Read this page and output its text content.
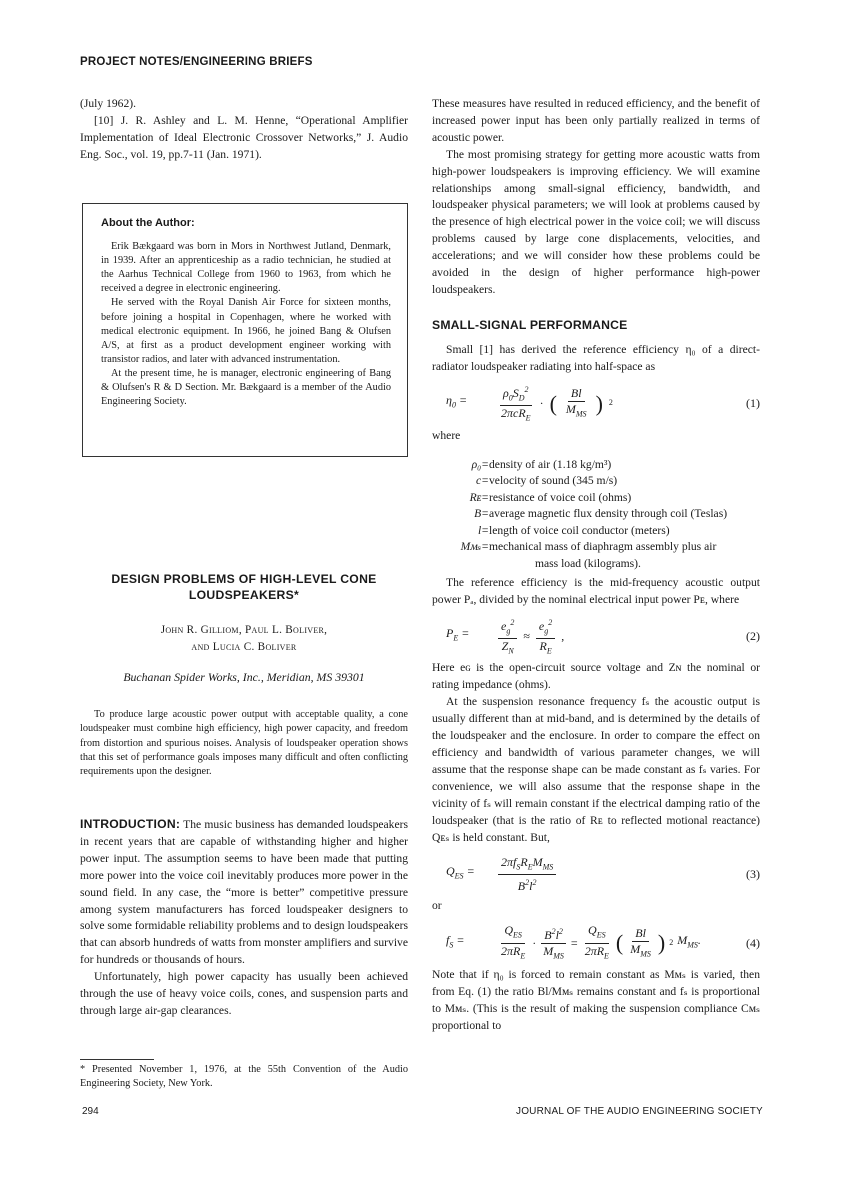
PROJECT NOTES/ENGINEERING BRIEFS

(July 1962).

[10] J. R. Ashley and L. M. Henne, “Operational Amplifier Implementation of Ideal Electronic Crossover Networks,” J. Audio Eng. Soc., vol. 19, pp.7-11 (Jan. 1971).

About the Author:

Erik Bækgaard was born in Mors in Northwest Jutland, Denmark, in 1939. After an apprenticeship as a radio technician, he studied at the Aarhus Technical College from 1960 to 1963, from which he received a degree in electronic engineering.

He served with the Royal Danish Air Force for sixteen months, before joining a hospital in Copenhagen, where he worked with medical electronic equipment. In 1966, he joined Bang & Olufsen A/S, at first as a product development engineer working with transistor radios, and later with advanced instrumentation.

At the present time, he is manager, electronic engineering of Bang & Olufsen's R & D Section. Mr. Bækgaard is a member of the Audio Engineering Society.

DESIGN PROBLEMS OF HIGH-LEVEL CONE LOUDSPEAKERS*
John R. Gilliom, Paul L. Boliver,
and Lucia C. Boliver
Buchanan Spider Works, Inc., Meridian, MS 39301

To produce large acoustic power output with acceptable quality, a cone loudspeaker must combine high efficiency, high power capacity, and freedom from distortion and spurious noises. Analysis of loudspeaker operation shows that this set of performance goals imposes many difficult and often conflicting requirements upon the designer.

INTRODUCTION: The music business has demanded loudspeakers in recent years that are capable of withstanding higher and higher power input. The assumption seems to have been made that putting more power into the voice coil inevitably produces more power in the sound field. In any case, the “more is better” competitive pressure among system manufacturers has forced loudspeaker designers to solve some formidable reliability problems and to design loudspeakers that can absorb hundreds of watts from monster amplifiers and survive for hundreds or thousands of hours.

Unfortunately, high power capacity has usually been achieved through the use of heavy voice coils, cones, and suspension parts and through large air-gap clearances.

* Presented November 1, 1976, at the 55th Convention of the Audio Engineering Society, New York.

These measures have resulted in reduced efficiency, and the benefit of increased power input has been only partially realized in terms of acoustic power.

The most promising strategy for getting more acoustic watts from high-power loudspeakers is improving efficiency. We will examine relationships among small-signal efficiency, bandwidth, and loudspeaker physical parameters; we will look at problems caused by the presence of high electrical power in the voice coil; we will discuss problems caused by large cone displacements, velocities, and accelerations; and we will consider how these problems could be avoided in the design of higher performance high-power loudspeakers.

SMALL-SIGNAL PERFORMANCE

Small [1] has derived the reference efficiency η₀ of a direct-radiator loudspeaker radiating into half-space as

$\eta_0$ =	$\frac{\rho_0S_D^2}{2\pi cR_E}$ · ( $\frac{Bl}{M_{MS}}$ ) 2	(1)

where

ρ₀= density of air (1.18 kg/m³)
c= velocity of sound (345 m/s)
Rᴇ= resistance of voice coil (ohms)
B= average magnetic flux density through coil (Teslas)
l= length of voice coil conductor (meters)
Mᴍₛ= mechanical mass of diaphragm assembly plus air
mass load (kilograms).

The reference efficiency is the mid-frequency acoustic output power Pₐ, divided by the nominal electrical input power Pᴇ, where

$P_E$ =	$\frac{e_g^2}{Z_N} \approx \frac{e_g^2}{R_E}$ ,	(2)

Here eɢ is the open-circuit source voltage and Zɴ the nominal or rating impedance (ohms).

At the suspension resonance frequency fₛ the acoustic output is usually different than at mid-band, and is determined by the details of the loudspeaker and the enclosure. In order to compare the effect on efficiency and bandwidth of various parameter changes, we will assume that the response shape can be made constant as fₛ varies. For convenience, we will also assume that the response shape in the vicinity of fₛ will remain constant if the electrical damping ratio of the loudspeaker (that is the ratio of Rᴇ to reflected motional reactance) Qᴇₛ is held constant. But,

$Q_{ES}$ =	$\frac{2\pi f_SR_EM_{MS}}{B^2l^2}$	(3)

or

$f_S$ =	$\frac{Q_{ES}}{2\pi R_E} \cdot \frac{B^2l^2}{M_{MS}} = \frac{Q_{ES}}{2\pi R_E}$ ( $\frac{Bl}{M_{MS}}$ ) 2 $M_{MS}$.	(4)

Note that if η₀ is forced to remain constant as Mᴍₛ is varied, then from Eq. (1) the ratio Bl/Mᴍₛ remains constant and fₛ is proportional to Mᴍₛ. (This is the result of making the suspension compliance Cᴍₛ proportional to

294	JOURNAL OF THE AUDIO ENGINEERING SOCIETY
